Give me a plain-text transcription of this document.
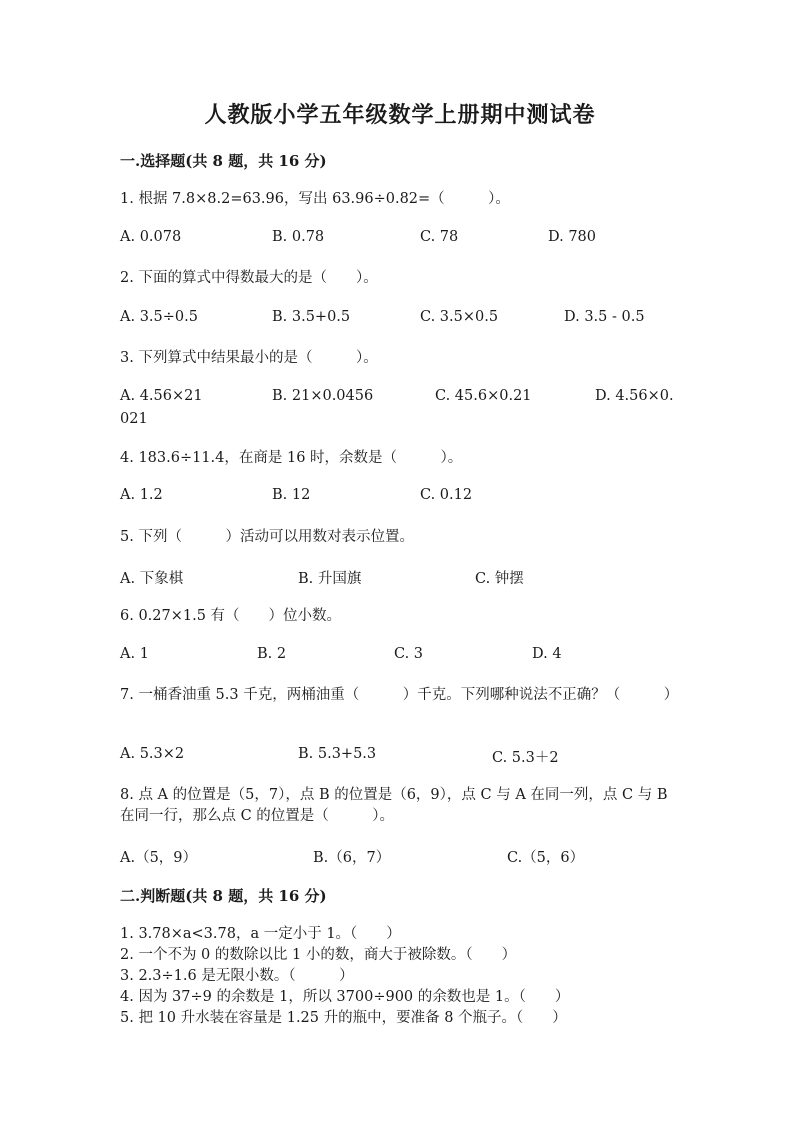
人教版小学五年级数学上册期中测试卷
一.选择题(共 8 题，共 16 分)
1. 根据 7.8×8.2=63.96，写出 63.96÷0.82=（　　　）。
A. 0.078	B. 0.78	C. 78	D. 780
2. 下面的算式中得数最大的是（　　）。
A. 3.5÷0.5	B. 3.5+0.5	C. 3.5×0.5	D. 3.5 - 0.5
3. 下列算式中结果最小的是（　　　）。
A. 4.56×21	B. 21×0.0456	C. 45.6×0.21	D. 4.56×0.
021
4. 183.6÷11.4，在商是 16 时，余数是（　　　）。
A. 1.2	B. 12	C. 0.12
5. 下列（　　　）活动可以用数对表示位置。
A. 下象棋	B. 升国旗	C. 钟摆
6. 0.27×1.5 有（　　）位小数。
A. 1	B. 2	C. 3	D. 4
7. 一桶香油重 5.3 千克，两桶油重（　　　）千克。下列哪种说法不正确？（　　　）
A. 5.3×2	B. 5.3+5.3	C. 5.3＋2
8. 点 A 的位置是（5，7），点 B 的位置是（6，9），点 C 与 A 在同一列，点 C 与 B 在同一行，那么点 C 的位置是（　　　）。
A.（5，9）	B.（6，7）	C.（5，6）
二.判断题(共 8 题，共 16 分)
1. 3.78×a<3.78，a 一定小于 1。（　　）
2. 一个不为 0 的数除以比 1 小的数，商大于被除数。（　　）
3. 2.3÷1.6 是无限小数。（　　　）
4. 因为 37÷9 的余数是 1，所以 3700÷900 的余数也是 1。（　　）
5. 把 10 升水装在容量是 1.25 升的瓶中，要准备 8 个瓶子。（　　）
